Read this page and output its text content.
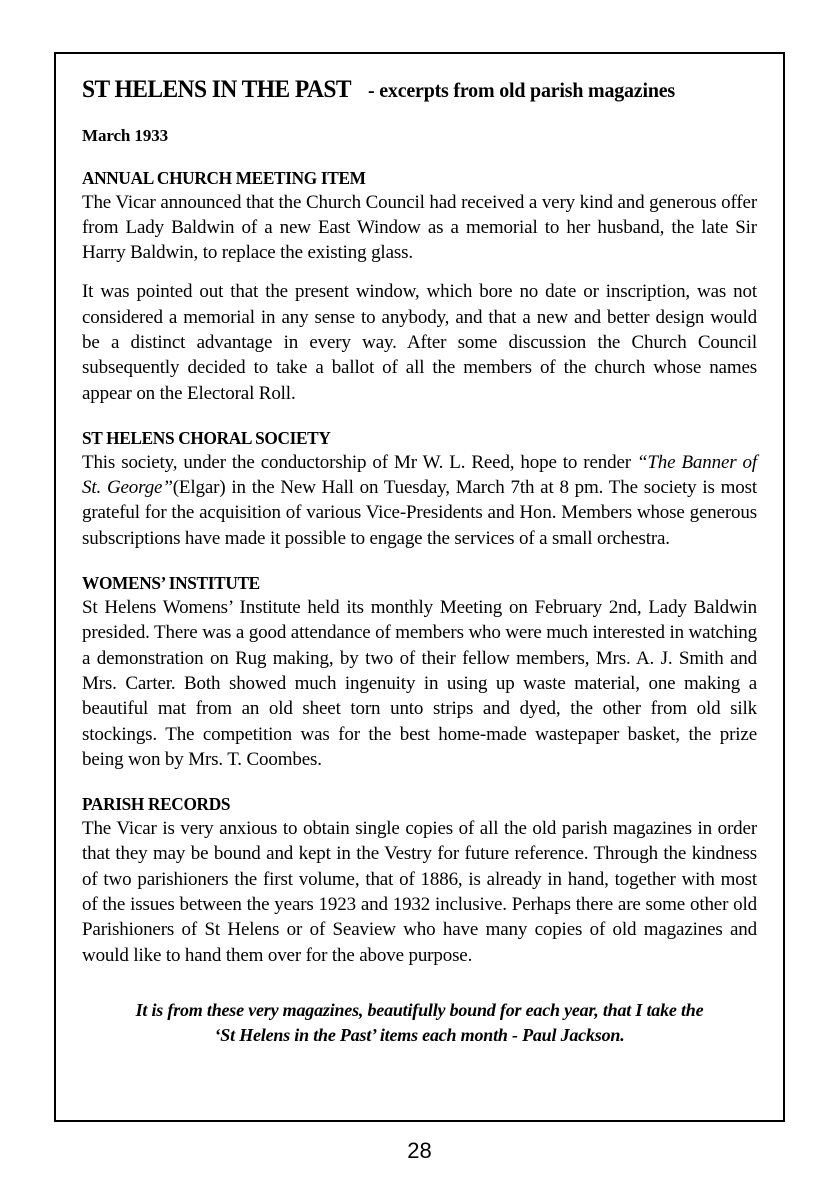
ST HELENS IN THE PAST- excerpts from old parish magazines
March 1933
ANNUAL CHURCH MEETING ITEM

The Vicar announced that the Church Council had received a very kind and generous offer from Lady Baldwin of a new East Window as a memorial to her husband, the late Sir Harry Baldwin, to replace the existing glass.

It was pointed out that the present window, which bore no date or inscription, was not considered a memorial in any sense to anybody, and that a new and better design would be a distinct advantage in every way. After some discussion the Church Council subsequently decided to take a ballot of all the members of the church whose names appear on the Electoral Roll.

ST HELENS CHORAL SOCIETY

This society, under the conductorship of Mr W. L. Reed, hope to render “The Banner of St. George”(Elgar) in the New Hall on Tuesday, March 7th at 8 pm. The society is most grateful for the acquisition of various Vice-Presidents and Hon. Members whose generous subscriptions have made it possible to engage the services of a small orchestra.

WOMENS’ INSTITUTE

St Helens Womens’ Institute held its monthly Meeting on February 2nd, Lady Baldwin presided. There was a good attendance of members who were much interested in watching a demonstration on Rug making, by two of their fellow members, Mrs. A. J. Smith and Mrs. Carter. Both showed much ingenuity in using up waste material, one making a beautiful mat from an old sheet torn unto strips and dyed, the other from old silk stockings. The competition was for the best home-made wastepaper basket, the prize being won by Mrs. T. Coombes.

PARISH RECORDS

The Vicar is very anxious to obtain single copies of all the old parish magazines in order that they may be bound and kept in the Vestry for future reference. Through the kindness of two parishioners the first volume, that of 1886, is already in hand, together with most of the issues between the years 1923 and 1932 inclusive. Perhaps there are some other old Parishioners of St Helens or of Seaview who have many copies of old magazines and would like to hand them over for the above purpose.

It is from these very magazines, beautifully bound for each year, that I take the
‘St Helens in the Past’ items each month - Paul Jackson.
28
